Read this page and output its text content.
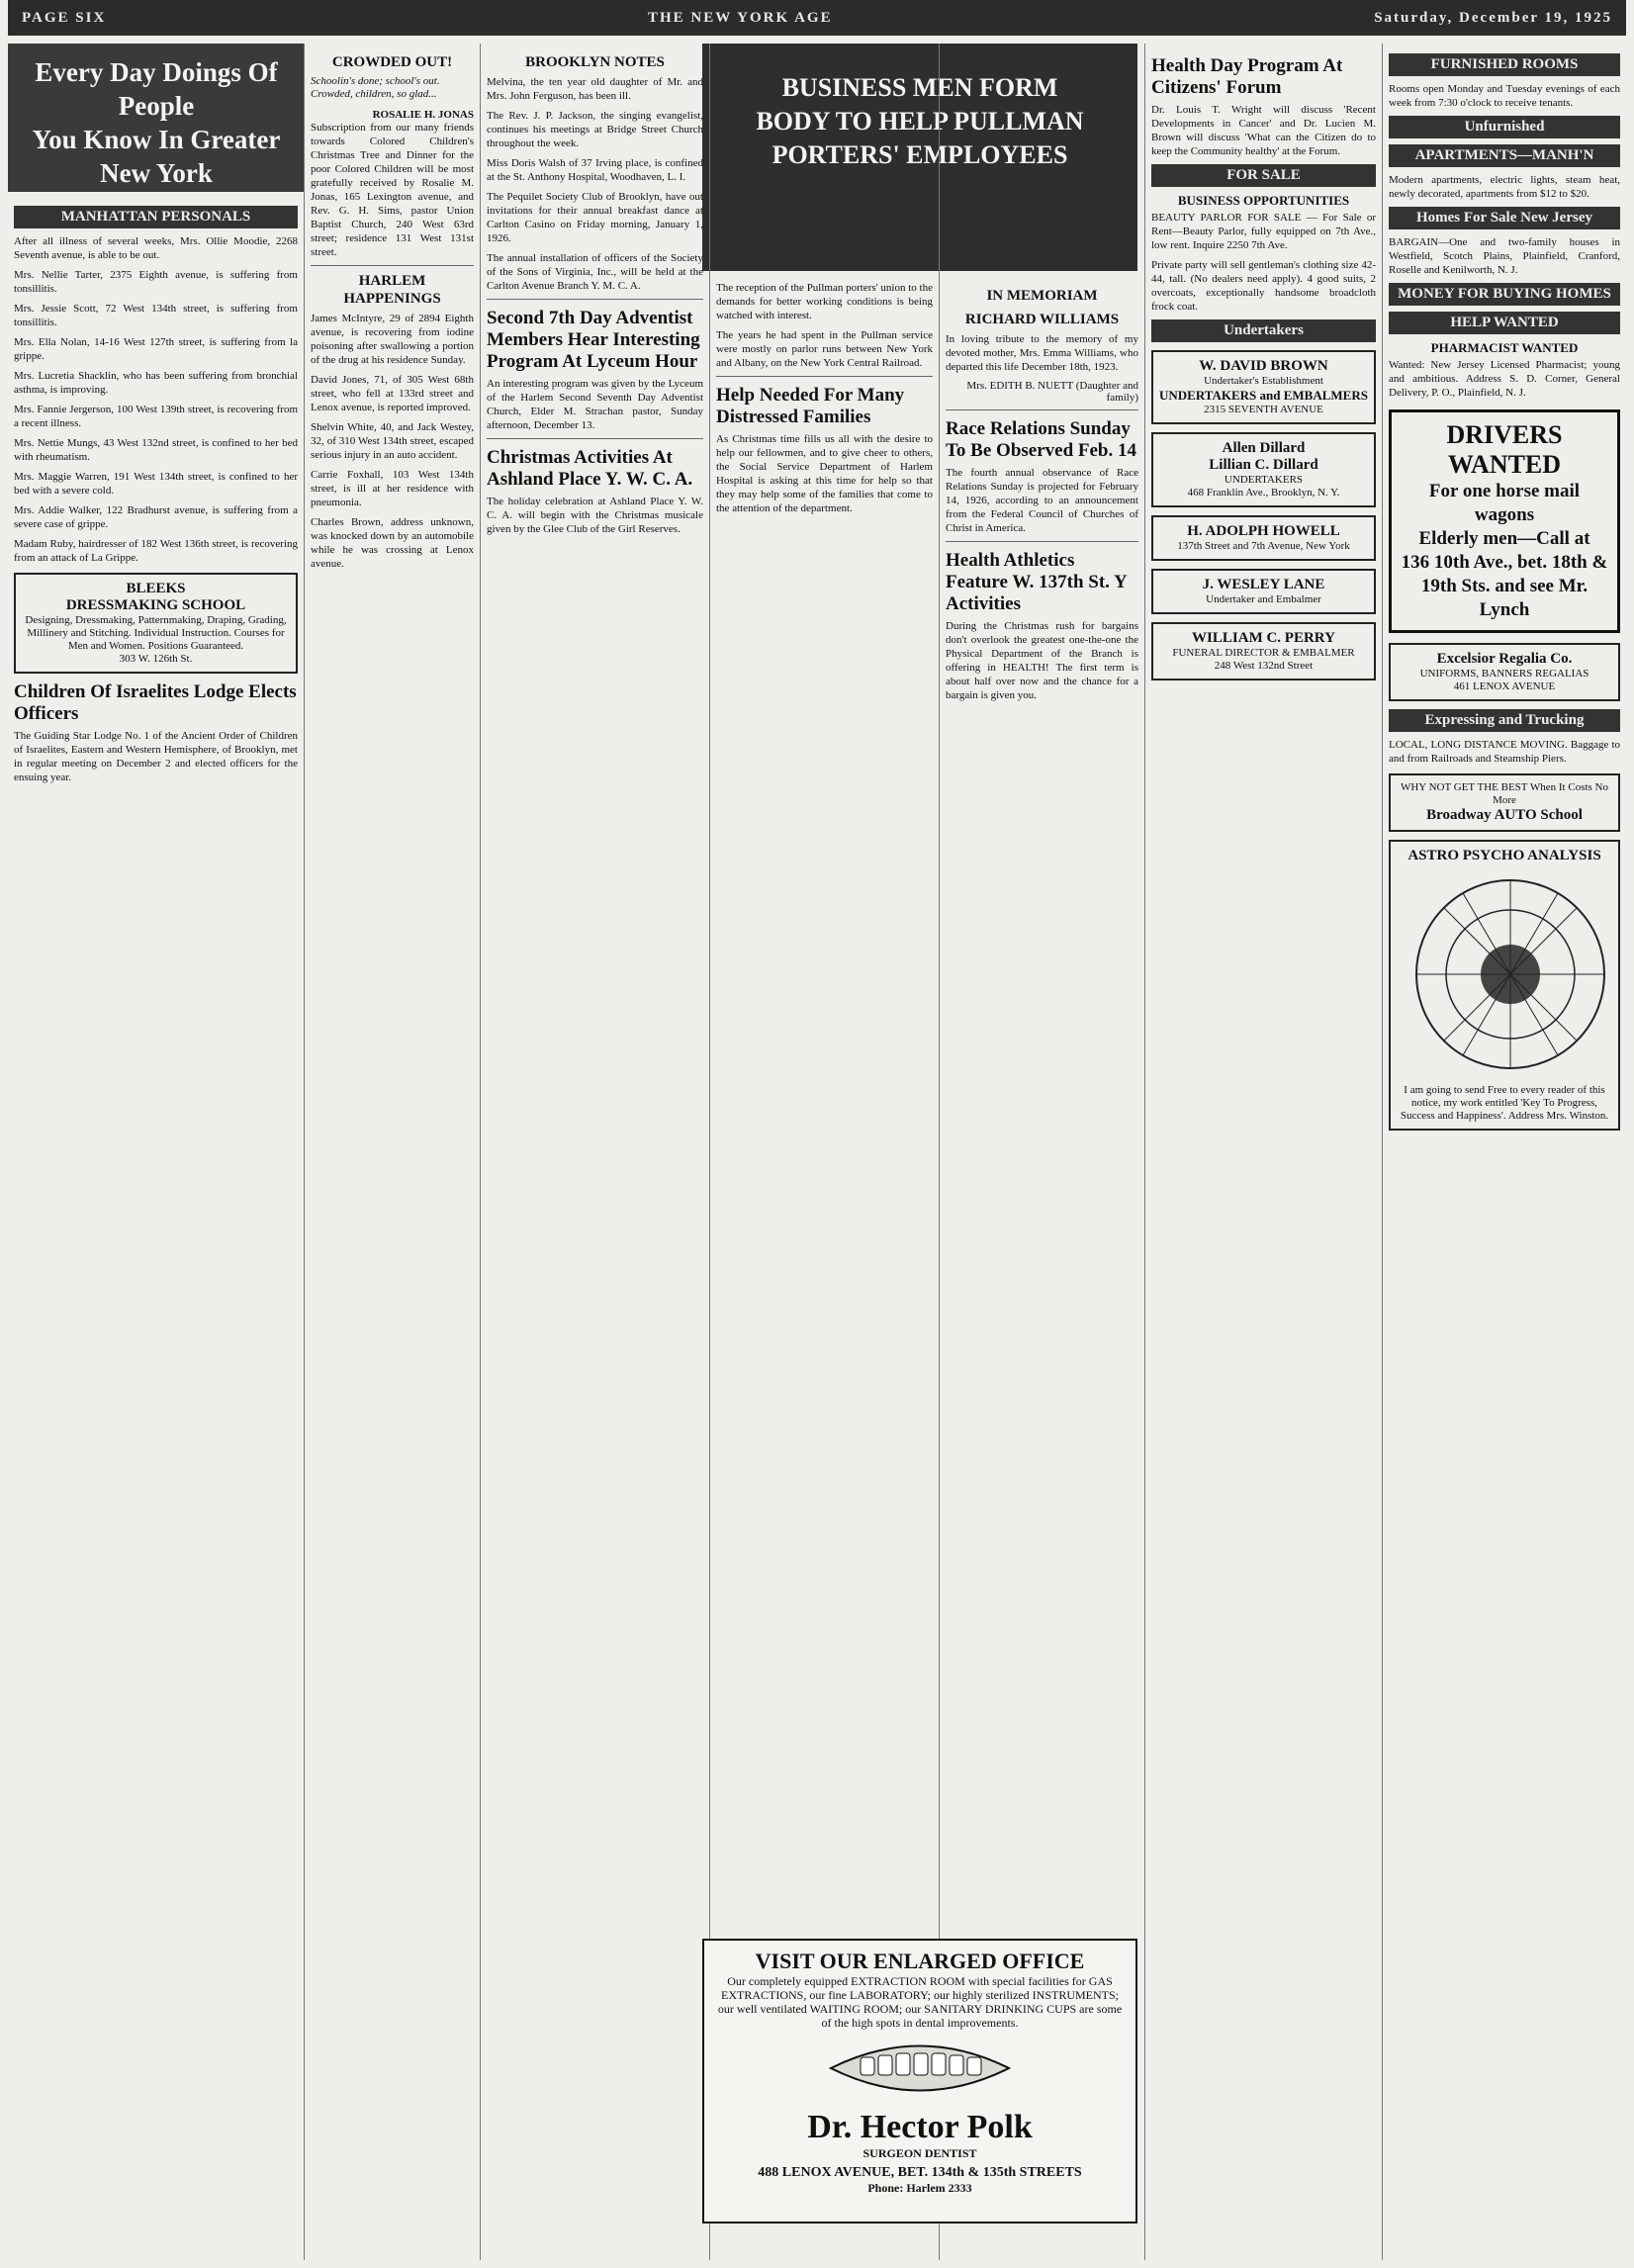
PAGE SIX	THE NEW YORK AGE	Saturday, December 19, 1925
Every Day Doings Of People
You Know In Greater New York
BUSINESS MEN FORM
BODY TO HELP PULLMAN
PORTERS' EMPLOYEES
MANHATTAN PERSONALS

After all illness of several weeks, Mrs. Ollie Moodie, 2268 Seventh avenue, is able to be out.

Mrs. Nellie Tarter, 2375 Eighth avenue, is suffering from tonsillitis.

Mrs. Jessie Scott, 72 West 134th street, is suffering from tonsillitis.

Mrs. Ella Nolan, 14-16 West 127th street, is suffering from la grippe.

Mrs. Lucretia Shacklin, who has been suffering from bronchial asthma, is improving.

Mrs. Fannie Jergerson, 100 West 139th street, is recovering from a recent illness.

Mrs. Nettie Mungs, 43 West 132nd street, is confined to her bed with rheumatism.

Mrs. Maggie Warren, 191 West 134th street, is confined to her bed with a severe cold.

Mrs. Addie Walker, 122 Bradhurst avenue, is suffering from a severe case of grippe.

Madam Ruby, hairdresser of 182 West 136th street, is recovering from an attack of La Grippe.

BLEEKS
DRESSMAKING SCHOOL
Designing, Dressmaking, Patternmaking, Draping, Grading, Millinery and Stitching. Individual Instruction. Courses for Men and Women. Positions Guaranteed.
303 W. 126th St.
Children Of Israelites Lodge Elects Officers

The Guiding Star Lodge No. 1 of the Ancient Order of Children of Israelites, Eastern and Western Hemisphere, of Brooklyn, met in regular meeting on December 2 and elected officers for the ensuing year.

CROWDED OUT!
Schoolin's done; school's out. Crowded, children, so glad...
ROSALIE H. JONAS

Subscription from our many friends towards Colored Children's Christmas Tree and Dinner for the poor Colored Children will be most gratefully received by Rosalie M. Jonas, 165 Lexington avenue, and Rev. G. H. Sims, pastor Union Baptist Church, 240 West 63rd street; residence 131 West 131st street.

HARLEM HAPPENINGS

James McIntyre, 29 of 2894 Eighth avenue, is recovering from iodine poisoning after swallowing a portion of the drug at his residence Sunday.

David Jones, 71, of 305 West 68th street, who fell at 133rd street and Lenox avenue, is reported improved.

Shelvin White, 40, and Jack Westey, 32, of 310 West 134th street, escaped serious injury in an auto accident.

Carrie Foxhall, 103 West 134th street, is ill at her residence with pneumonia.

Charles Brown, address unknown, was knocked down by an automobile while he was crossing at Lenox avenue.

BROOKLYN NOTES

Melvina, the ten year old daughter of Mr. and Mrs. John Ferguson, has been ill.

The Rev. J. P. Jackson, the singing evangelist, continues his meetings at Bridge Street Church throughout the week.

Miss Doris Walsh of 37 Irving place, is confined at the St. Anthony Hospital, Woodhaven, L. I.

The Pequilet Society Club of Brooklyn, have out invitations for their annual breakfast dance at Carlton Casino on Friday morning, January 1, 1926.

The annual installation of officers of the Society of the Sons of Virginia, Inc., will be held at the Carlton Avenue Branch Y. M. C. A.

Second 7th Day Adventist Members Hear Interesting Program At Lyceum Hour

An interesting program was given by the Lyceum of the Harlem Second Seventh Day Adventist Church, Elder M. Strachan pastor, Sunday afternoon, December 13.

Christmas Activities At Ashland Place Y. W. C. A.

The holiday celebration at Ashland Place Y. W. C. A. will begin with the Christmas musicale given by the Glee Club of the Girl Reserves.

The reception of the Pullman porters' union to the demands for better working conditions is being watched with interest.

The years he had spent in the Pullman service were mostly on parlor runs between New York and Albany, on the New York Central Railroad.

Help Needed For Many Distressed Families

As Christmas time fills us all with the desire to help our fellowmen, and to give cheer to others, the Social Service Department of Harlem Hospital is asking at this time for help so that they may help some of the families that come to the attention of the department.

IN MEMORIAM
RICHARD WILLIAMS

In loving tribute to the memory of my devoted mother, Mrs. Emma Williams, who departed this life December 18th, 1923.

Mrs. EDITH B. NUETT (Daughter and family)
Race Relations Sunday To Be Observed Feb. 14

The fourth annual observance of Race Relations Sunday is projected for February 14, 1926, according to an announcement from the Federal Council of Churches of Christ in America.

Health Athletics Feature W. 137th St. Y Activities

During the Christmas rush for bargains don't overlook the greatest one-the-one the Physical Department of the Branch is offering in HEALTH! The first term is about half over now and the chance for a bargain is given you.

Health Day Program At Citizens' Forum

Dr. Louis T. Wright will discuss 'Recent Developments in Cancer' and Dr. Lucien M. Brown will discuss 'What can the Citizen do to keep the Community healthy' at the Forum.

FOR SALE
BUSINESS OPPORTUNITIES
BEAUTY PARLOR FOR SALE — For Sale or Rent—Beauty Parlor, fully equipped on 7th Ave., low rent. Inquire 2250 7th Ave.
Private party will sell gentleman's clothing size 42-44, tall. (No dealers need apply). 4 good suits, 2 overcoats, exceptionally handsome broadcloth frock coat.
Undertakers
W. DAVID BROWN
Undertaker's Establishment
UNDERTAKERS and EMBALMERS
2315 SEVENTH AVENUE
Allen Dillard
Lillian C. Dillard
UNDERTAKERS
468 Franklin Ave., Brooklyn, N. Y.
H. ADOLPH HOWELL
137th Street and 7th Avenue, New York
J. WESLEY LANE
Undertaker and Embalmer
WILLIAM C. PERRY
FUNERAL DIRECTOR & EMBALMER
248 West 132nd Street
FURNISHED ROOMS
Rooms open Monday and Tuesday evenings of each week from 7:30 o'clock to receive tenants.
Unfurnished
APARTMENTS—MANH'N
Modern apartments, electric lights, steam heat, newly decorated, apartments from $12 to $20.
Homes For Sale New Jersey
BARGAIN—One and two-family houses in Westfield, Scotch Plains, Plainfield, Cranford, Roselle and Kenilworth, N. J.
MONEY FOR BUYING HOMES
HELP WANTED
PHARMACIST WANTED
Wanted: New Jersey Licensed Pharmacist; young and ambitious. Address S. D. Corner, General Delivery, P. O., Plainfield, N. J.
DRIVERS WANTED
For one horse mail wagons
Elderly men—Call at
136 10th Ave., bet. 18th & 19th Sts. and see Mr. Lynch
Excelsior Regalia Co.
UNIFORMS, BANNERS REGALIAS
461 LENOX AVENUE
Expressing and Trucking
LOCAL, LONG DISTANCE MOVING. Baggage to and from Railroads and Steamship Piers.
WHY NOT GET THE BEST When It Costs No More
Broadway AUTO School
ASTRO PSYCHO ANALYSIS
I am going to send Free to every reader of this notice, my work entitled 'Key To Progress, Success and Happiness'. Address Mrs. Winston.
VISIT OUR ENLARGED OFFICE
Our completely equipped EXTRACTION ROOM with special facilities for GAS EXTRACTIONS, our fine LABORATORY; our highly sterilized INSTRUMENTS; our well ventilated WAITING ROOM; our SANITARY DRINKING CUPS are some of the high spots in dental improvements.
Dr. Hector Polk
SURGEON DENTIST
488 LENOX AVENUE, BET. 134th & 135th STREETS
Phone: Harlem 2333
